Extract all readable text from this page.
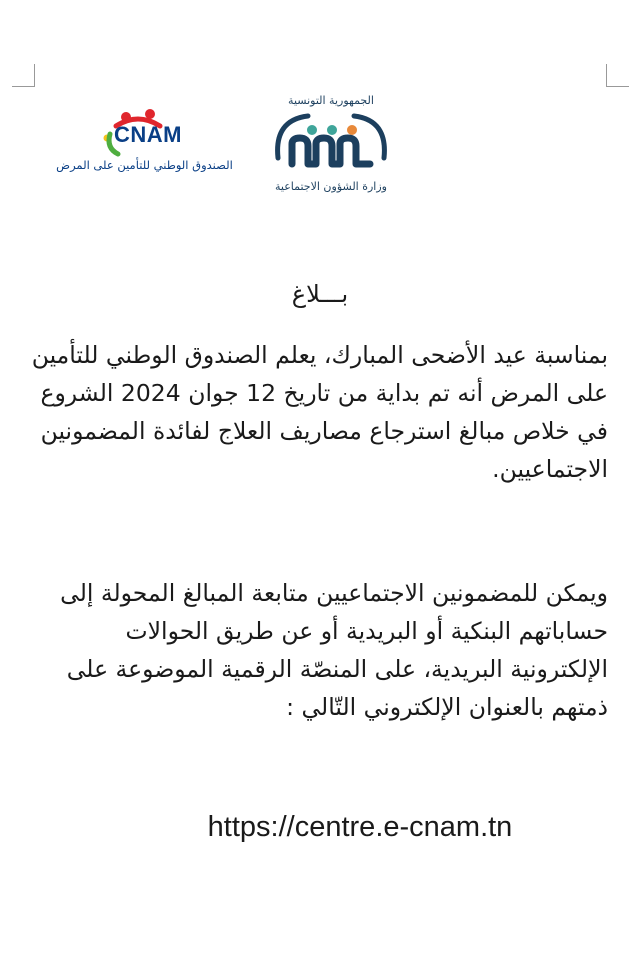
CNAM
الصندوق الوطني للتأمين على المرض
الجمهورية التونسية
وزارة الشؤون الاجتماعية
بـــلاغ

بمناسبة عيد الأضحى المبارك، يعلم الصندوق الوطني للتأمين على المرض أنه تم بداية من تاريخ 12 جوان 2024 الشروع في خلاص مبالغ استرجاع مصاريف العلاج لفائدة المضمونين الاجتماعيين.

ويمكن للمضمونين الاجتماعيين متابعة المبالغ المحولة إلى حساباتهم البنكية أو البريدية أو عن طريق الحوالات الإلكترونية البريدية، على المنصّة الرقمية الموضوعة على ذمتهم بالعنوان الإلكتروني التّالي :

https://centre.e-cnam.tn
